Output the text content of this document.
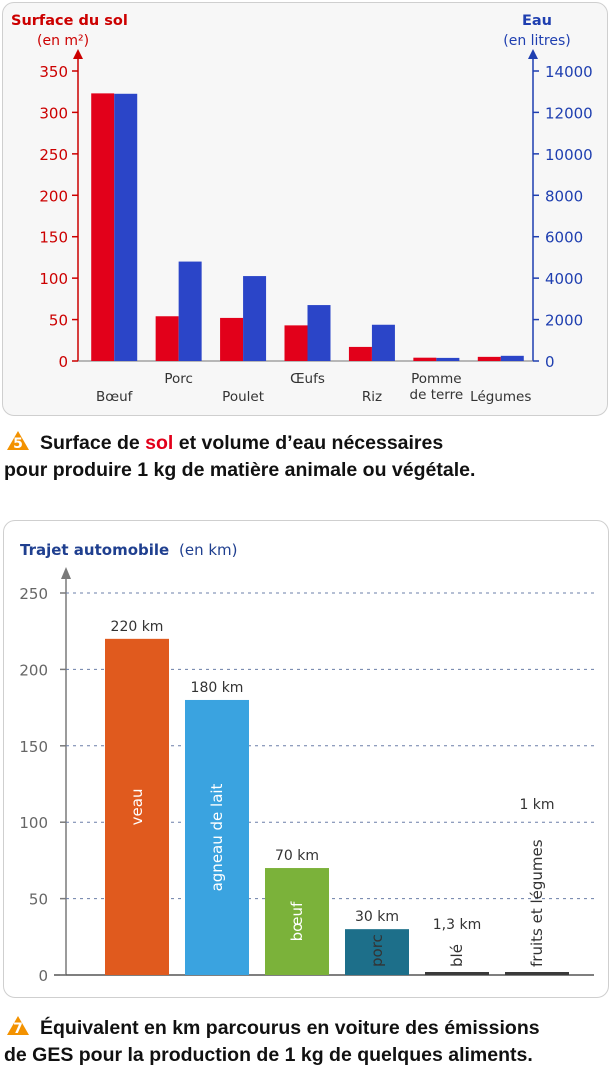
Surface du sol
(en m²)
Eau
(en litres)
0
50
100
150
200
250
300
350
0
2000
4000
6000
8000
10000
12000
14000
Bœuf
Porc
Poulet
Œufs
Riz
Pomme
de terre Légumes
5 Surface de sol et volume d’eau nécessaires
pour produire 1 kg de matière animale ou végétale.
Trajet automobile (en km)
0
50
100
150
200
250
220 km
veau
180 km
agneau de lait	70 km
bœuf	30 km
porc
1,3 km
blé
1 km
fruits et légumes
7 Équivalent en km parcourus en voiture des émissions
de GES pour la production de 1 kg de quelques aliments.
